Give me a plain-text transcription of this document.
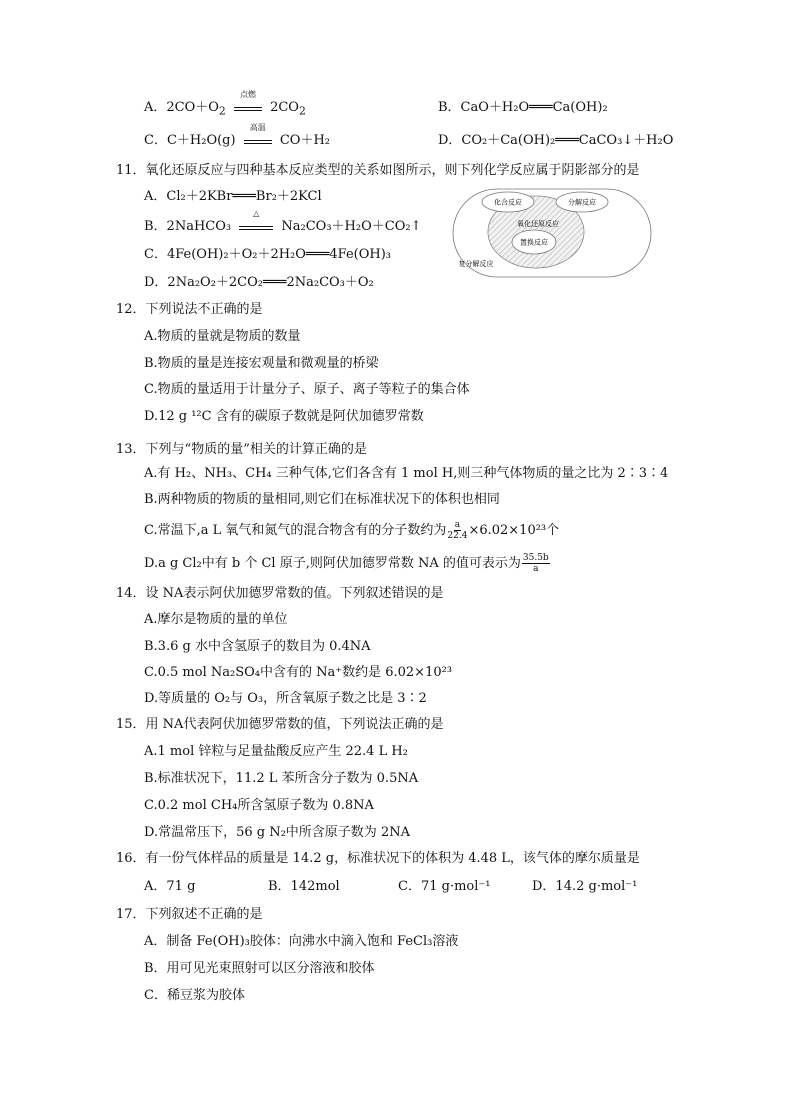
A．$2CO+O_2$
点燃
$2CO_2$	B．CaO＋H₂O═══Ca(OH)₂
C．C＋H₂O(g)
高温
CO＋H₂	D．CO₂＋Ca(OH)₂═══CaCO₃↓＋H₂O
11．氧化还原反应与四种基本反应类型的关系如图所示，则下列化学反应属于阴影部分的是
A．Cl₂＋2KBr═══Br₂＋2KCl
B．2NaHCO₃
△
Na₂CO₃＋H₂O＋CO₂↑
C．4Fe(OH)₂＋O₂＋2H₂O═══4Fe(OH)₃
D．2Na₂O₂＋2CO₂═══2Na₂CO₃＋O₂
化合反应	分解反应
氧化还原反应
置换反应
复分解反应
12．下列说法不正确的是
A.物质的量就是物质的数量
B.物质的量是连接宏观量和微观量的桥梁
C.物质的量适用于计量分子、原子、离子等粒子的集合体
D.12 g ¹²C 含有的碳原子数就是阿伏加德罗常数
13．下列与“物质的量”相关的计算正确的是
A.有 H₂、NH₃、CH₄ 三种气体,它们各含有 1 mol H,则三种气体物质的量之比为 2∶3∶4
B.两种物质的物质的量相同,则它们在标准状况下的体积也相同
C.常温下,a L 氧气和氮气的混合物含有的分子数约为 $\frac{a}{22.4} \times 6.02\times 10^{23}$个
D.a g Cl₂中有 b 个 Cl 原子,则阿伏加德罗常数 NA 的值可表示为 $\frac{35.5b}{a}$
14．设 NA表示阿伏加德罗常数的值。下列叙述错误的是
A.摩尔是物质的量的单位
B.3.6 g 水中含氢原子的数目为 0.4NA
C.0.5 mol Na₂SO₄中含有的 Na⁺数约是 6.02×10²³
D.等质量的 O₂与 O₃，所含氧原子数之比是 3∶2
15．用 NA代表阿伏加德罗常数的值，下列说法正确的是
A.1 mol 锌粒与足量盐酸反应产生 22.4 L H₂
B.标准状况下，11.2 L 苯所含分子数为 0.5NA
C.0.2 mol CH₄所含氢原子数为 0.8NA
D.常温常压下，56 g N₂中所含原子数为 2NA
16．有一份气体样品的质量是 14.2 g，标准状况下的体积为 4.48 L，该气体的摩尔质量是
A．71 g	B．142mol	C．71 g·mol⁻¹	D．14.2 g·mol⁻¹
17．下列叙述不正确的是
A．制备 Fe(OH)₃胶体：向沸水中滴入饱和 FeCl₃溶液
B．用可见光束照射可以区分溶液和胶体
C．稀豆浆为胶体
